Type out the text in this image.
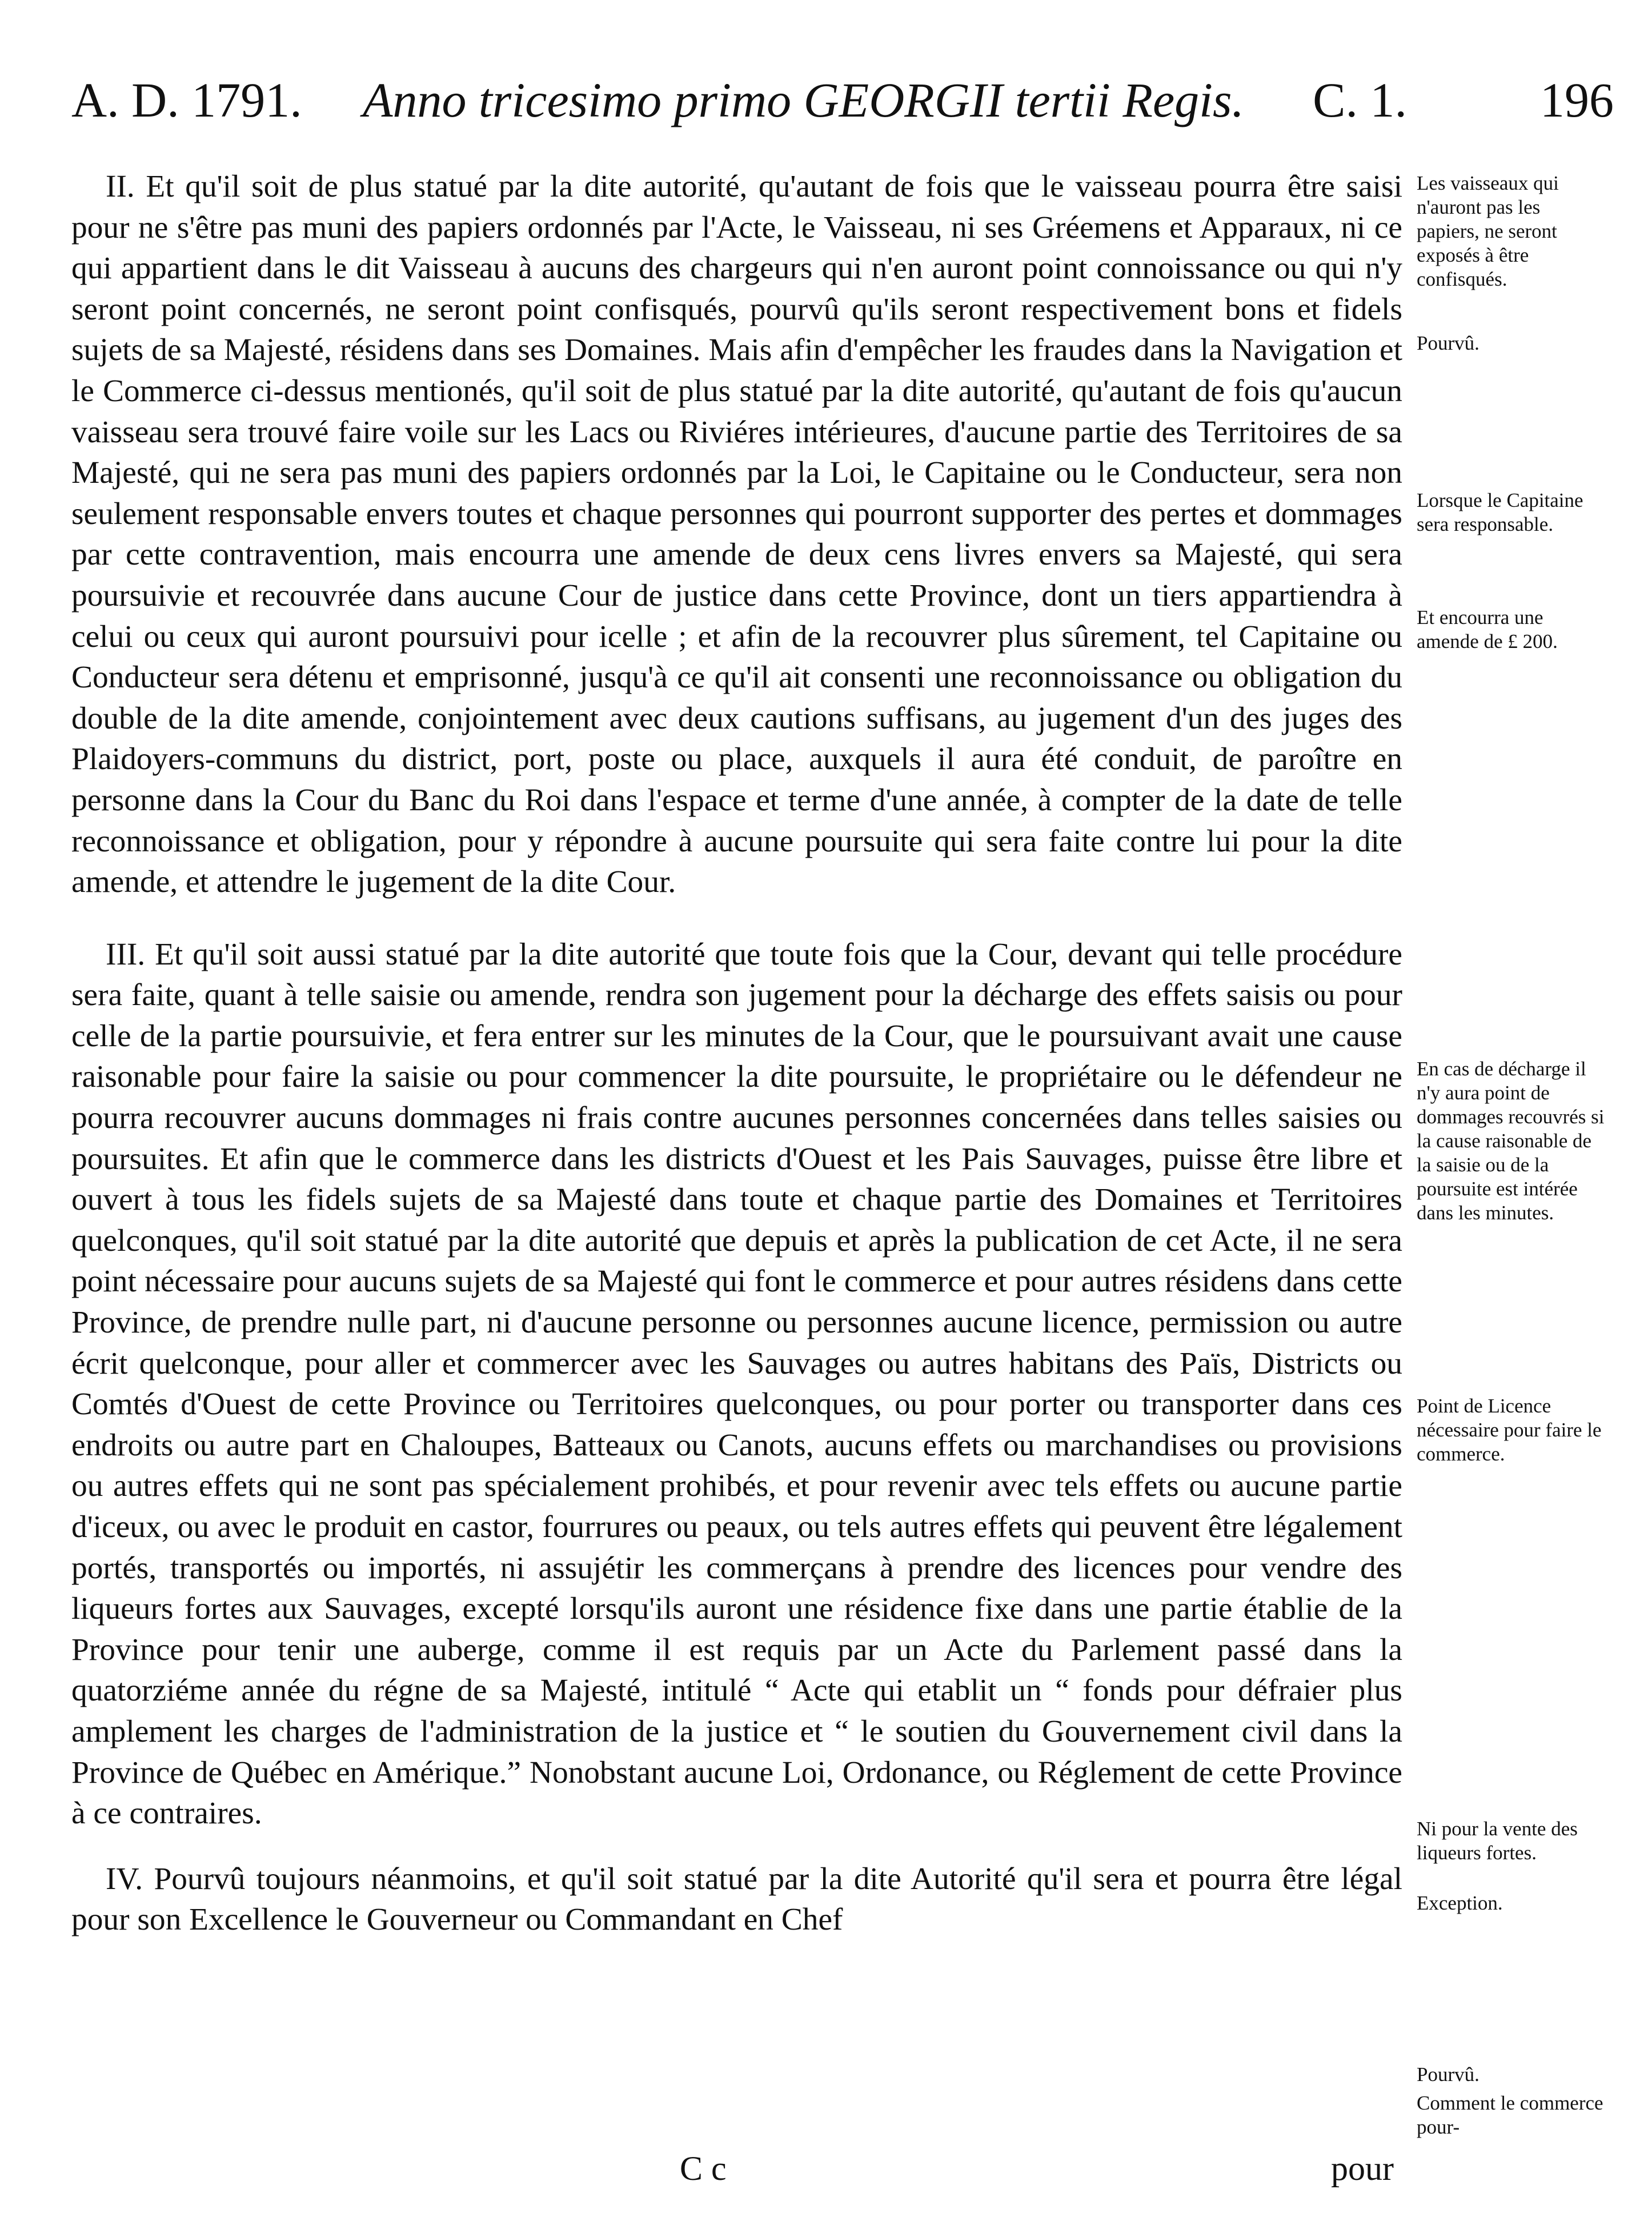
A. D. 1791. Anno tricesimo primo GEORGII tertii Regis. C. 1.	196

II. Et qu'il soit de plus statué par la dite autorité, qu'autant de fois que le vaisseau pourra être saisi pour ne s'être pas muni des papiers ordonnés par l'Acte, le Vaisseau, ni ses Gréemens et Apparaux, ni ce qui appartient dans le dit Vaisseau à aucuns des chargeurs qui n'en auront point connoissance ou qui n'y seront point concernés, ne seront point confisqués, pourvû qu'ils seront respectivement bons et fidels sujets de sa Majesté, résidens dans ses Domaines. Mais afin d'empêcher les fraudes dans la Navigation et le Commerce ci-dessus mentionés, qu'il soit de plus statué par la dite autorité, qu'autant de fois qu'aucun vaisseau sera trouvé faire voile sur les Lacs ou Riviéres intérieures, d'aucune partie des Territoires de sa Majesté, qui ne sera pas muni des papiers ordonnés par la Loi, le Capitaine ou le Conducteur, sera non seulement responsable envers toutes et chaque personnes qui pourront supporter des pertes et dommages par cette contravention, mais encourra une amende de deux cens livres envers sa Majesté, qui sera poursuivie et recouvrée dans aucune Cour de justice dans cette Province, dont un tiers appartiendra à celui ou ceux qui auront poursuivi pour icelle ; et afin de la recouvrer plus sûrement, tel Capitaine ou Conducteur sera détenu et emprisonné, jusqu'à ce qu'il ait consenti une reconnoissance ou obligation du double de la dite amende, conjointement avec deux cautions suffisans, au jugement d'un des juges des Plaidoyers-communs du district, port, poste ou place, auxquels il aura été conduit, de paroître en personne dans la Cour du Banc du Roi dans l'espace et terme d'une année, à compter de la date de telle reconnoissance et obligation, pour y répondre à aucune poursuite qui sera faite contre lui pour la dite amende, et attendre le jugement de la dite Cour.

III. Et qu'il soit aussi statué par la dite autorité que toute fois que la Cour, devant qui telle procédure sera faite, quant à telle saisie ou amende, rendra son jugement pour la décharge des effets saisis ou pour celle de la partie poursuivie, et fera entrer sur les minutes de la Cour, que le poursuivant avait une cause raisonable pour faire la saisie ou pour commencer la dite poursuite, le propriétaire ou le défendeur ne pourra recouvrer aucuns dommages ni frais contre aucunes personnes concernées dans telles saisies ou poursuites. Et afin que le commerce dans les districts d'Ouest et les Pais Sauvages, puisse être libre et ouvert à tous les fidels sujets de sa Majesté dans toute et chaque partie des Domaines et Territoires quelconques, qu'il soit statué par la dite autorité que depuis et après la publication de cet Acte, il ne sera point nécessaire pour aucuns sujets de sa Majesté qui font le commerce et pour autres résidens dans cette Province, de prendre nulle part, ni d'aucune personne ou personnes aucune licence, permission ou autre écrit quelconque, pour aller et commercer avec les Sauvages ou autres habitans des Païs, Districts ou Comtés d'Ouest de cette Province ou Territoires quelconques, ou pour porter ou transporter dans ces endroits ou autre part en Chaloupes, Batteaux ou Canots, aucuns effets ou marchandises ou provisions ou autres effets qui ne sont pas spécialement prohibés, et pour revenir avec tels effets ou aucune partie d'iceux, ou avec le produit en castor, fourrures ou peaux, ou tels autres effets qui peuvent être légalement portés, transportés ou importés, ni assujétir les commerçans à prendre des licences pour vendre des liqueurs fortes aux Sauvages, excepté lorsqu'ils auront une résidence fixe dans une partie établie de la Province pour tenir une auberge, comme il est requis par un Acte du Parlement passé dans la quatorziéme année du régne de sa Majesté, intitulé “ Acte qui etablit un “ fonds pour défraier plus amplement les charges de l'administration de la justice et “ le soutien du Gouvernement civil dans la Province de Québec en Amérique.” Nonobstant aucune Loi, Ordonance, ou Réglement de cette Province à ce contraires.

IV. Pourvû toujours néanmoins, et qu'il soit statué par la dite Autorité qu'il sera et pourra être légal pour son Excellence le Gouverneur ou Commandant en Chef

Les vaisseaux qui n'auront pas les papiers, ne seront exposés à être confisqués.
Pourvû.
Lorsque le Capitaine sera responsable.
Et encourra une amende de £ 200.
En cas de décharge il n'y aura point de dommages recouvrés si la cause raisonable de la saisie ou de la poursuite est intérée dans les minutes.
Point de Licence nécessaire pour faire le commerce.
Ni pour la vente des liqueurs fortes.
Exception.
Pourvû.
Comment le commerce pour-
C c	pour
